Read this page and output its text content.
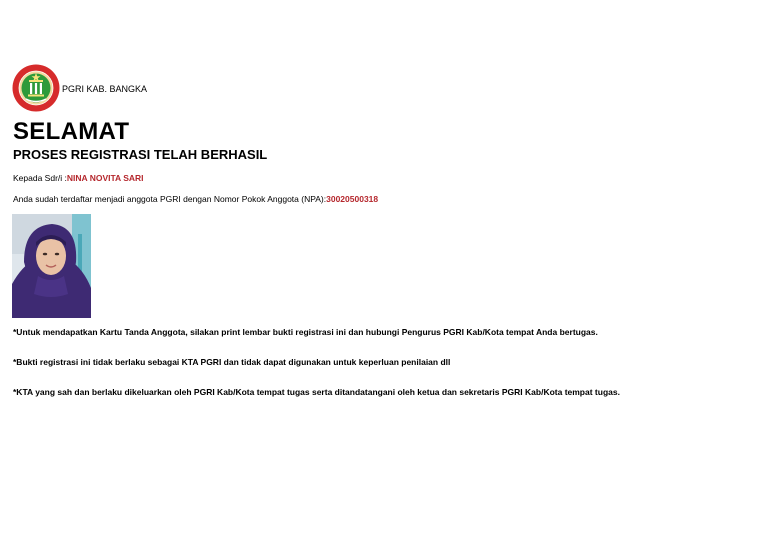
PGRI KAB. BANGKA
SELAMAT
PROSES REGISTRASI TELAH BERHASIL
Kepada Sdr/i :NINA NOVITA SARI
Anda sudah terdaftar menjadi anggota PGRI dengan Nomor Pokok Anggota (NPA):30020500318
*Untuk mendapatkan Kartu Tanda Anggota, silakan print lembar bukti registrasi ini dan hubungi Pengurus PGRI Kab/Kota tempat Anda bertugas.
*Bukti registrasi ini tidak berlaku sebagai KTA PGRI dan tidak dapat digunakan untuk keperluan penilaian dll
*KTA yang sah dan berlaku dikeluarkan oleh PGRI Kab/Kota tempat tugas serta ditandatangani oleh ketua dan sekretaris PGRI Kab/Kota tempat tugas.
